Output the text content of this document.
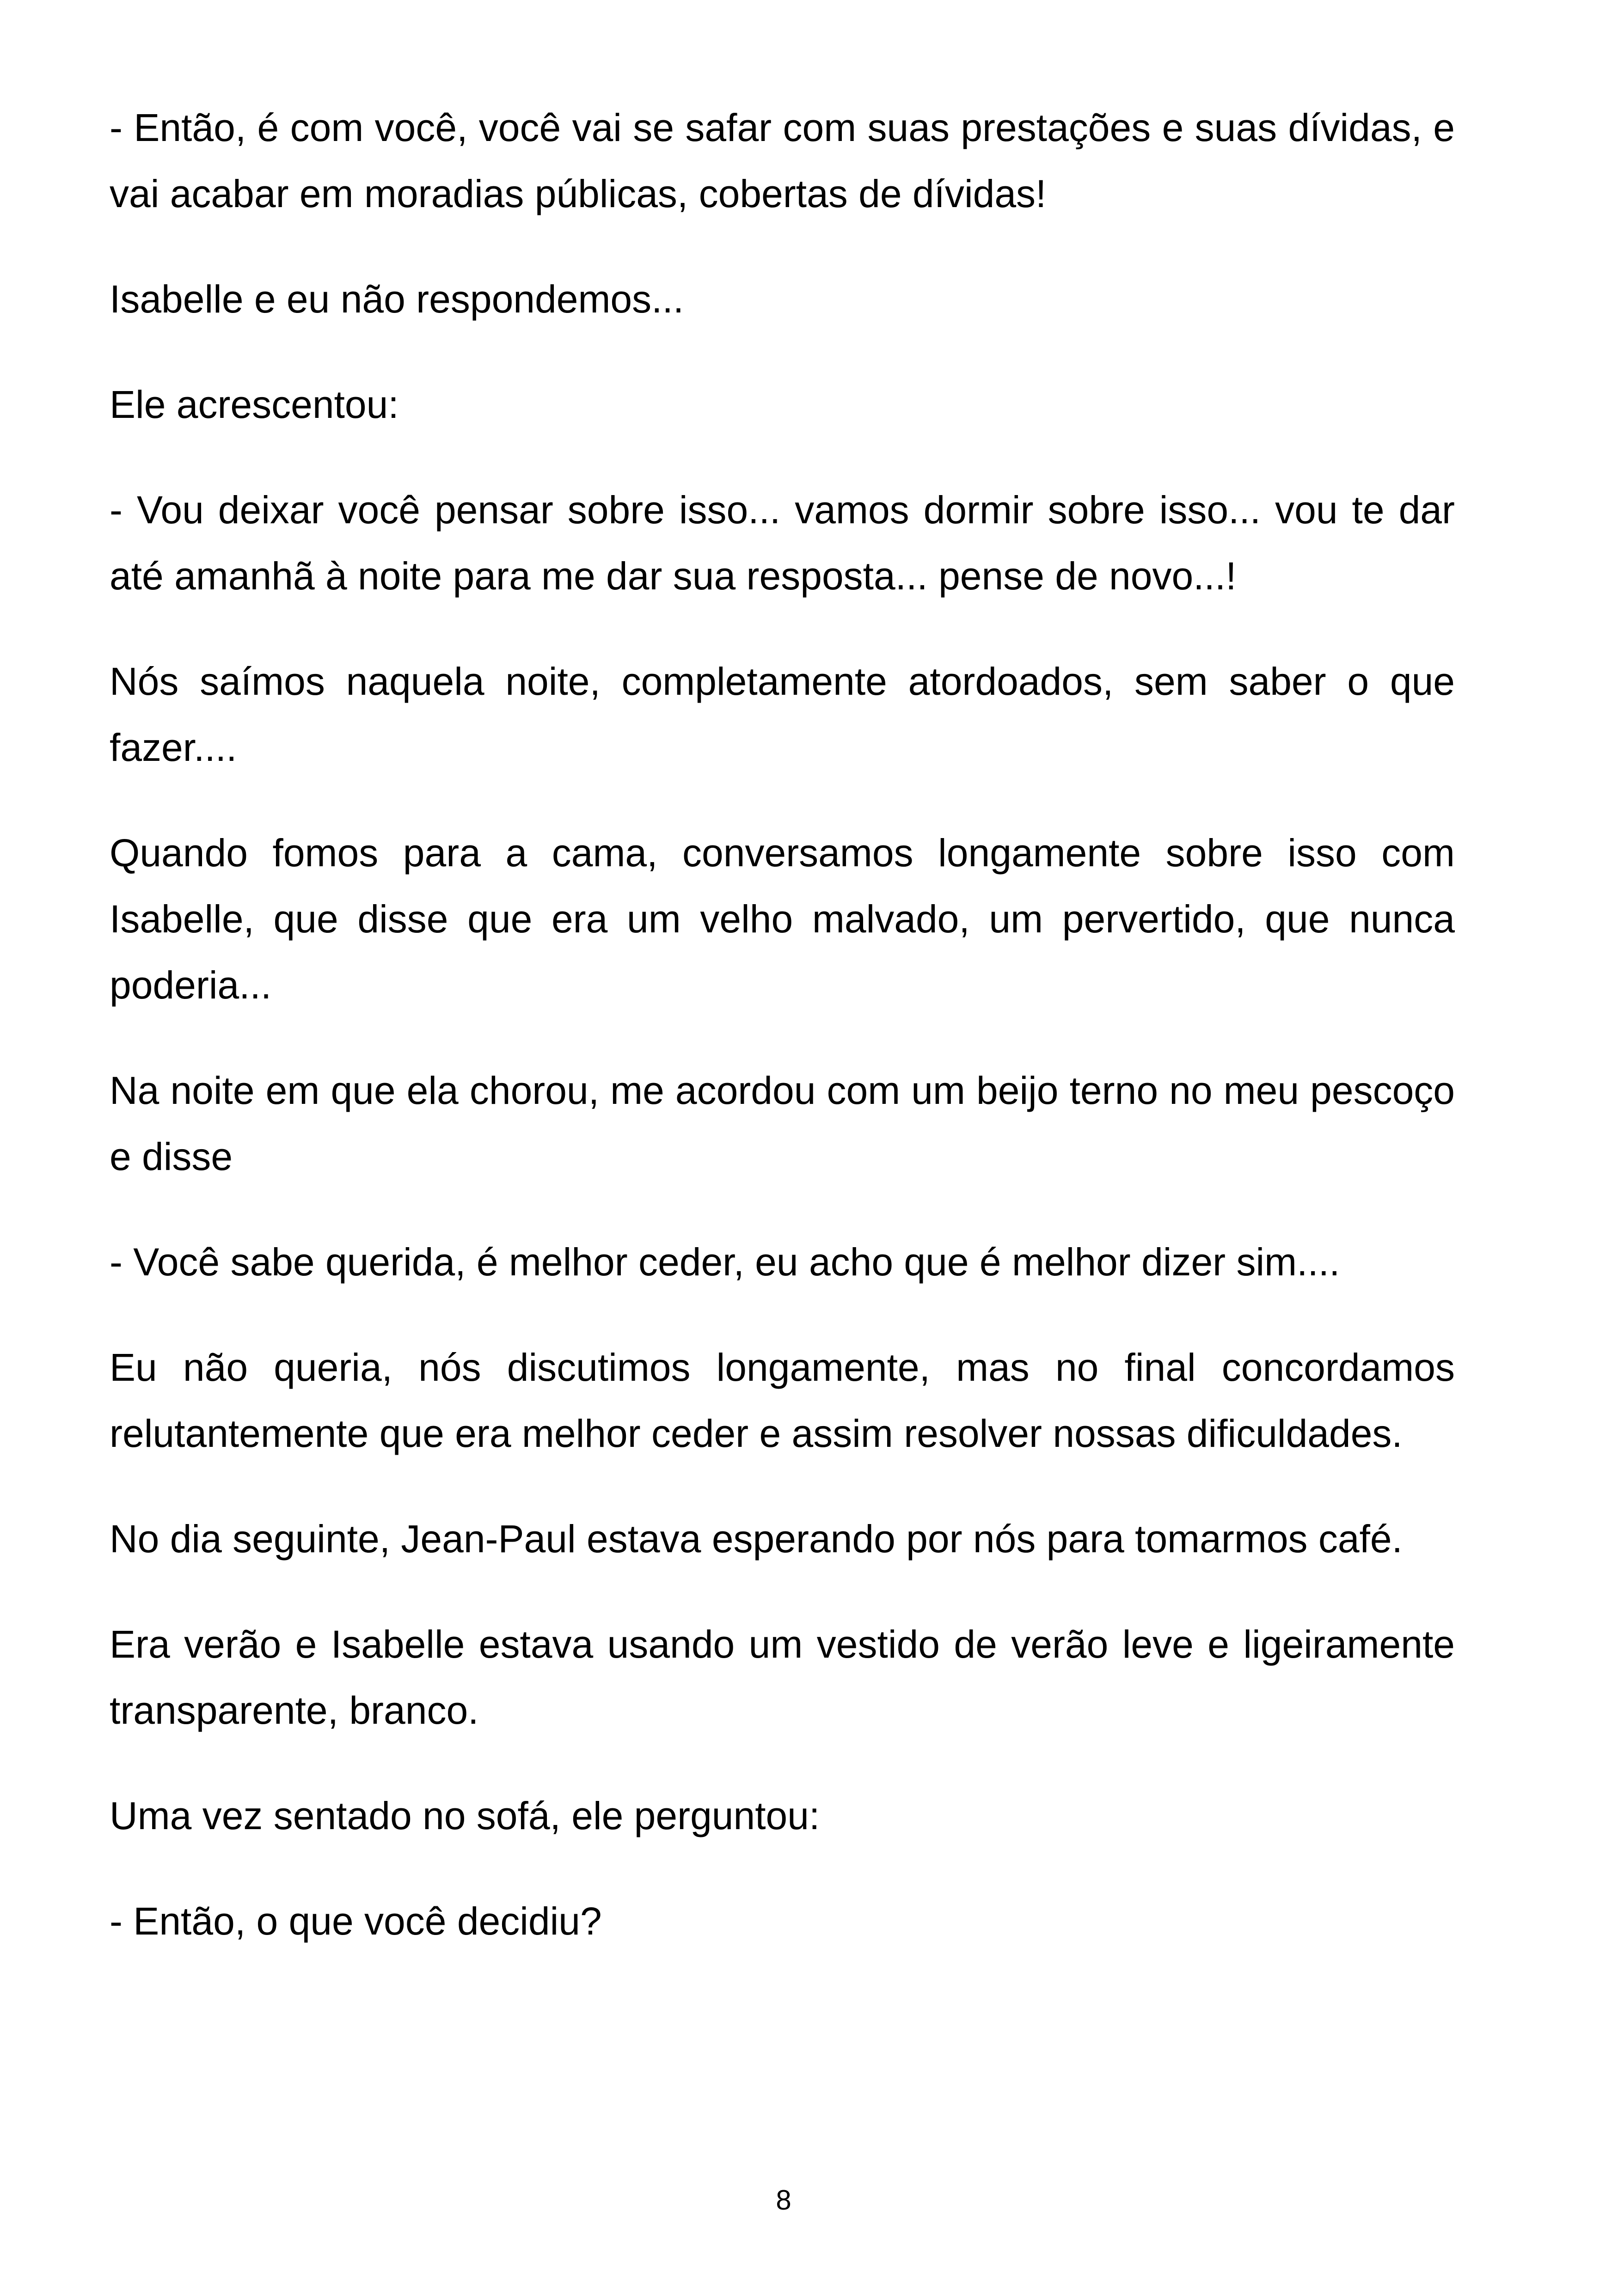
- Então, é com você, você vai se safar com suas prestações e suas dívidas, e vai acabar em moradias públicas, cobertas de dívidas!

Isabelle e eu não respondemos...

Ele acrescentou:

- Vou deixar você pensar sobre isso... vamos dormir sobre isso... vou te dar até amanhã à noite para me dar sua resposta... pense de novo...!

Nós saímos naquela noite, completamente atordoados, sem saber o que fazer....

Quando fomos para a cama, conversamos longamente sobre isso com Isabelle, que disse que era um velho malvado, um pervertido, que nunca poderia...

Na noite em que ela chorou, me acordou com um beijo terno no meu pescoço e disse

- Você sabe querida, é melhor ceder, eu acho que é melhor dizer sim....

Eu não queria, nós discutimos longamente, mas no final concordamos relutantemente que era melhor ceder e assim resolver nossas dificuldades.

No dia seguinte, Jean-Paul estava esperando por nós para tomarmos café.

Era verão e Isabelle estava usando um vestido de verão leve e ligeiramente transparente, branco.

Uma vez sentado no sofá, ele perguntou:

- Então, o que você decidiu?

8
